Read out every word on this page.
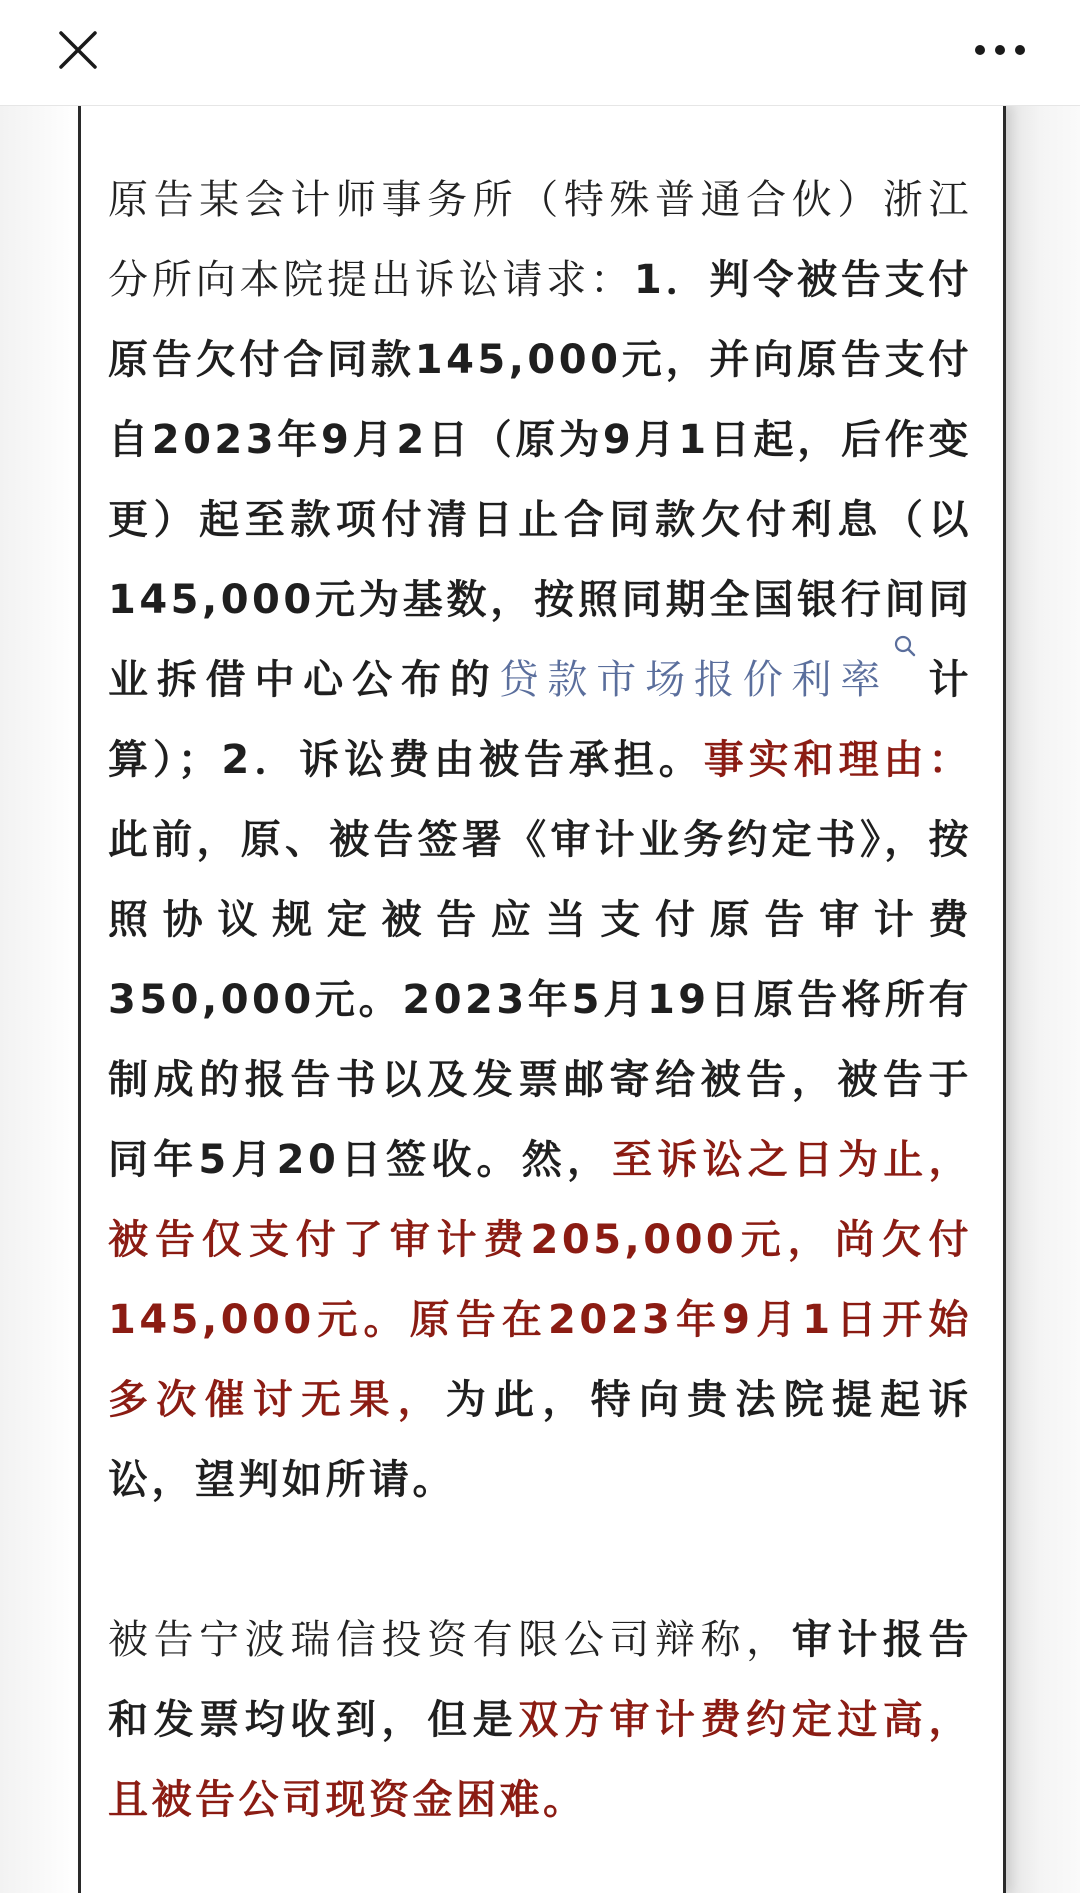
原告某会计师事务所（特殊普通合伙）浙江分所向本院提出诉讼请求：1．判令被告支付原告欠付合同款145,000元，并向原告支付自2023年9月2日（原为9月1日起，后作变更）起至款项付清日止合同款欠付利息（以145,000元为基数，按照同期全国银行间同业拆借中心公布的贷款市场报价利率 计算）；2．诉讼费由被告承担。事实和理由：此前，原、被告签署《审计业务约定书》，按照协议规定被告应当支付原告审计费350,000元。2023年5月19日原告将所有制成的报告书以及发票邮寄给被告，被告于同年5月20日签收。然，至诉讼之日为止，被告仅支付了审计费205,000元，尚欠付145,000元。原告在2023年9月1日开始多次催讨无果，为此，特向贵法院提起诉讼，望判如所请。

被告宁波瑞信投资有限公司辩称，审计报告和发票均收到，但是双方审计费约定过高，且被告公司现资金困难。
